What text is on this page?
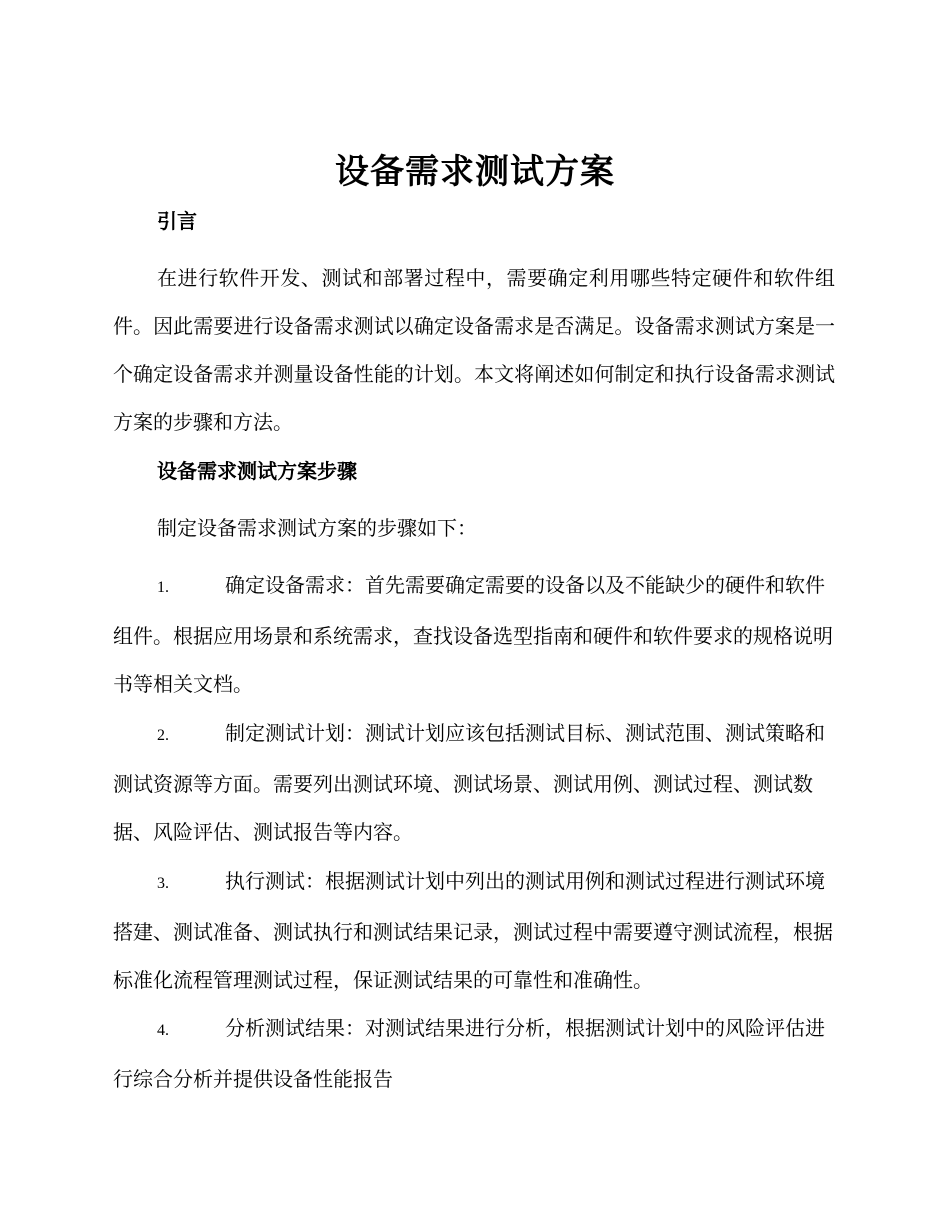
设备需求测试方案
引言
在进行软件开发、测试和部署过程中，需要确定利用哪些特定硬件和软件组件。因此需要进行设备需求测试以确定设备需求是否满足。设备需求测试方案是一个确定设备需求并测量设备性能的计划。本文将阐述如何制定和执行设备需求测试方案的步骤和方法。
设备需求测试方案步骤
制定设备需求测试方案的步骤如下：
1.	确定设备需求：首先需要确定需要的设备以及不能缺少的硬件和软件组件。根据应用场景和系统需求，查找设备选型指南和硬件和软件要求的规格说明书等相关文档。
2.	制定测试计划：测试计划应该包括测试目标、测试范围、测试策略和测试资源等方面。需要列出测试环境、测试场景、测试用例、测试过程、测试数据、风险评估、测试报告等内容。
3.	执行测试：根据测试计划中列出的测试用例和测试过程进行测试环境搭建、测试准备、测试执行和测试结果记录，测试过程中需要遵守测试流程，根据标准化流程管理测试过程，保证测试结果的可靠性和准确性。
4.	分析测试结果：对测试结果进行分析，根据测试计划中的风险评估进行综合分析并提供设备性能报告
